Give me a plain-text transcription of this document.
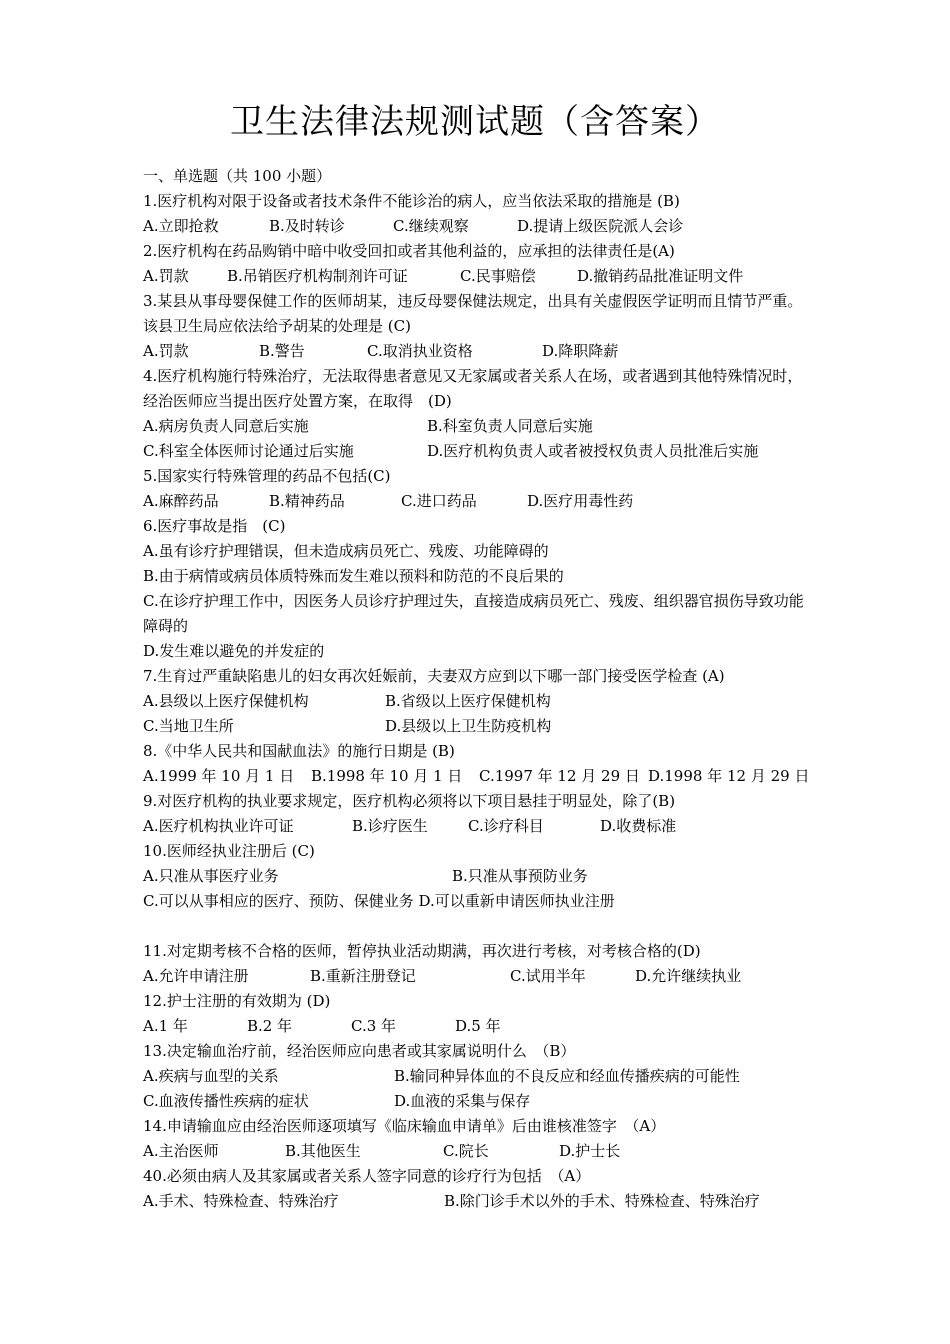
卫生法律法规测试题（含答案）
一、单选题（共 100 小题）
1.医疗机构对限于设备或者技术条件不能诊治的病人，应当依法采取的措施是 (B)
A.立即抢救	B.及时转诊	C.继续观察	D.提请上级医院派人会诊
2.医疗机构在药品购销中暗中收受回扣或者其他利益的，应承担的法律责任是(A)
A.罚款	B.吊销医疗机构制剂许可证	C.民事赔偿	D.撤销药品批准证明文件
3.某县从事母婴保健工作的医师胡某，违反母婴保健法规定，出具有关虚假医学证明而且情节严重。该县卫生局应依法给予胡某的处理是 (C)
A.罚款	B.警告	C.取消执业资格	D.降职降薪
4.医疗机构施行特殊治疗，无法取得患者意见又无家属或者关系人在场，或者遇到其他特殊情况时，经治医师应当提出医疗处置方案，在取得　(D)
A.病房负责人同意后实施	B.科室负责人同意后实施
C.科室全体医师讨论通过后实施	D.医疗机构负责人或者被授权负责人员批准后实施
5.国家实行特殊管理的药品不包括(C)
A.麻醉药品	B.精神药品	C.进口药品	D.医疗用毒性药
6.医疗事故是指　(C)
A.虽有诊疗护理错误，但未造成病员死亡、残废、功能障碍的
B.由于病情或病员体质特殊而发生难以预料和防范的不良后果的
C.在诊疗护理工作中，因医务人员诊疗护理过失，直接造成病员死亡、残废、组织器官损伤导致功能障碍的
D.发生难以避免的并发症的
7.生育过严重缺陷患儿的妇女再次妊娠前，夫妻双方应到以下哪一部门接受医学检查 (A)
A.县级以上医疗保健机构	B.省级以上医疗保健机构
C.当地卫生所	D.县级以上卫生防疫机构
8.《中华人民共和国献血法》的施行日期是 (B)
A.1999 年 10 月 1 日 B.1998 年 10 月 1 日 C.1997 年 12 月 29 日 D.1998 年 12 月 29 日
9.对医疗机构的执业要求规定，医疗机构必须将以下项目悬挂于明显处，除了(B)
A.医疗机构执业许可证	B.诊疗医生	C.诊疗科目	D.收费标准
10.医师经执业注册后 (C)
A.只准从事医疗业务	B.只准从事预防业务
C.可以从事相应的医疗、预防、保健业务 D.可以重新申请医师执业注册
11.对定期考核不合格的医师，暂停执业活动期满，再次进行考核，对考核合格的(D)
A.允许申请注册	B.重新注册登记	C.试用半年	D.允许继续执业
12.护士注册的有效期为 (D)
A.1 年	B.2 年	C.3 年	D.5 年
13.决定输血治疗前，经治医师应向患者或其家属说明什么　（B）
A.疾病与血型的关系	B.输同种异体血的不良反应和经血传播疾病的可能性
C.血液传播性疾病的症状	D.血液的采集与保存
14.申请输血应由经治医师逐项填写《临床输血申请单》后由谁核准签字　（A）
A.主治医师	B.其他医生	C.院长	D.护士长
40.必须由病人及其家属或者关系人签字同意的诊疗行为包括　（A）
A.手术、特殊检查、特殊治疗	B.除门诊手术以外的手术、特殊检查、特殊治疗
